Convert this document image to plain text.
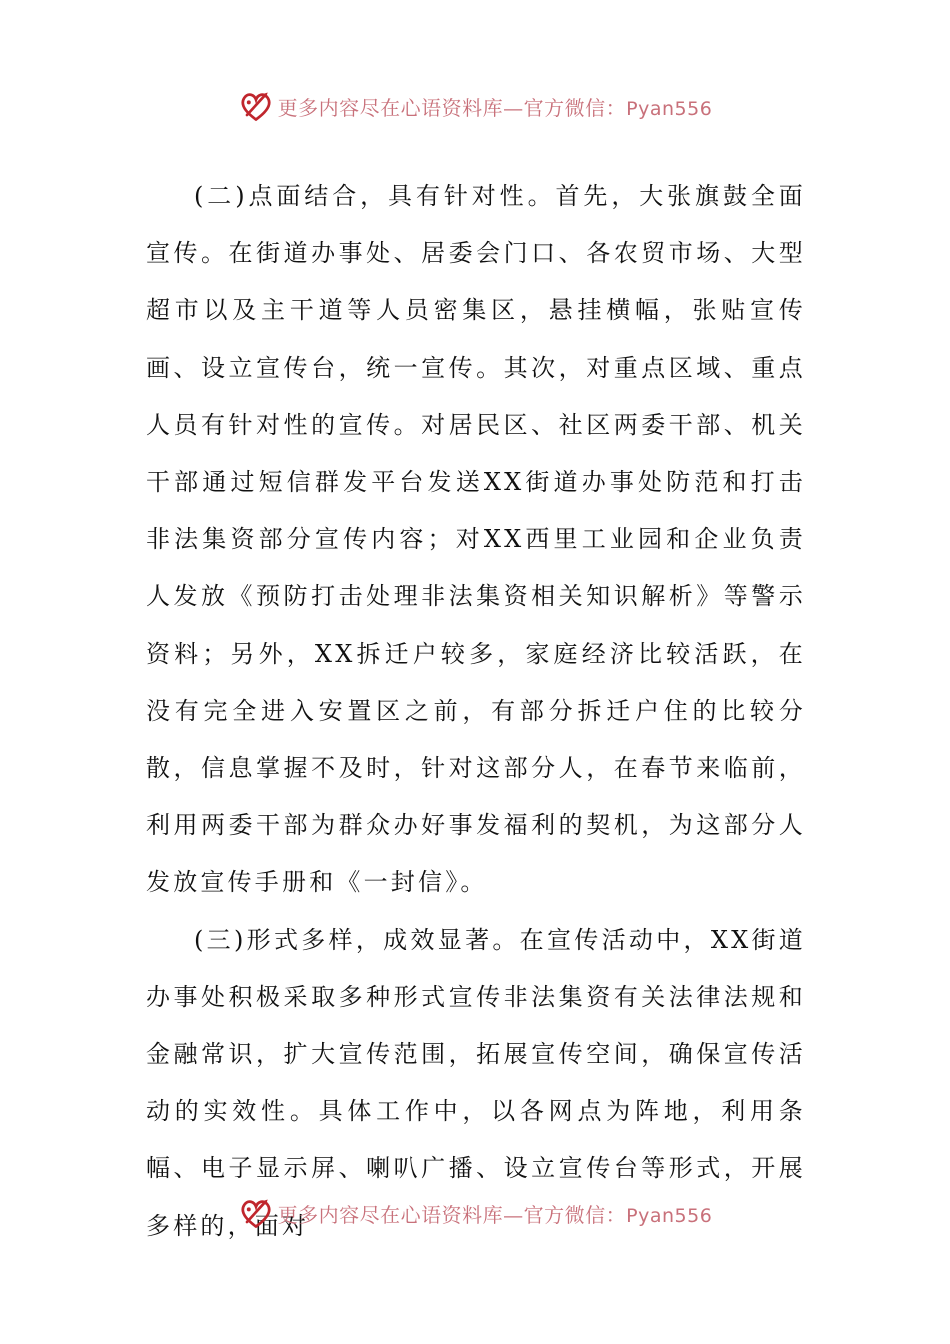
更多内容尽在心语资料库—官方微信：Pyan556

(二)点面结合，具有针对性。首先，大张旗鼓全面宣传。在街道办事处、居委会门口、各农贸市场、大型超市以及主干道等人员密集区，悬挂横幅，张贴宣传画、设立宣传台，统一宣传。其次，对重点区域、重点人员有针对性的宣传。对居民区、社区两委干部、机关干部通过短信群发平台发送XX街道办事处防范和打击非法集资部分宣传内容；对XX西里工业园和企业负责人发放《预防打击处理非法集资相关知识解析》等警示资料；另外，XX拆迁户较多，家庭经济比较活跃，在没有完全进入安置区之前，有部分拆迁户住的比较分散，信息掌握不及时，针对这部分人，在春节来临前，利用两委干部为群众办好事发福利的契机，为这部分人发放宣传手册和《一封信》。

(三)形式多样，成效显著。在宣传活动中，XX街道办事处积极采取多种形式宣传非法集资有关法律法规和金融常识，扩大宣传范围，拓展宣传空间，确保宣传活动的实效性。具体工作中，以各网点为阵地，利用条幅、电子显示屏、喇叭广播、设立宣传台等形式，开展多样的，面对

更多内容尽在心语资料库—官方微信：Pyan556
